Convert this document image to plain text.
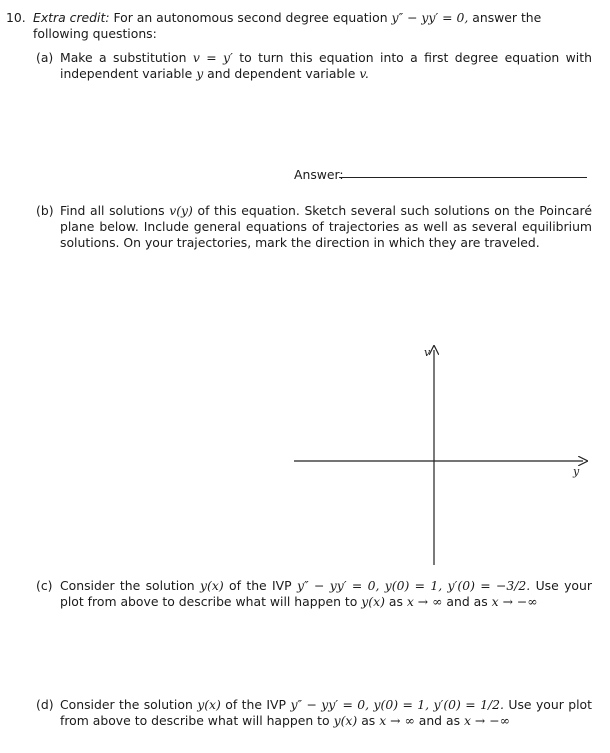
10. Extra credit: For an autonomous second degree equation y″ − yy′ = 0, answer the following questions:
(a) Make a substitution v = y′ to turn this equation into a first degree equation with independent variable y and dependent variable v.
Answer:
(b) Find all solutions v(y) of this equation. Sketch several such solutions on the Poincaré plane below. Include general equations of trajectories as well as several equilibrium solutions. On your trajectories, mark the direction in which they are traveled.
v
y
(c) Consider the solution y(x) of the IVP y″ − yy′ = 0, y(0) = 1, y′(0) = −3/2. Use your plot from above to describe what will happen to y(x) as x → ∞ and as x → −∞
(d) Consider the solution y(x) of the IVP y″ − yy′ = 0, y(0) = 1, y′(0) = 1/2. Use your plot from above to describe what will happen to y(x) as x → ∞ and as x → −∞
